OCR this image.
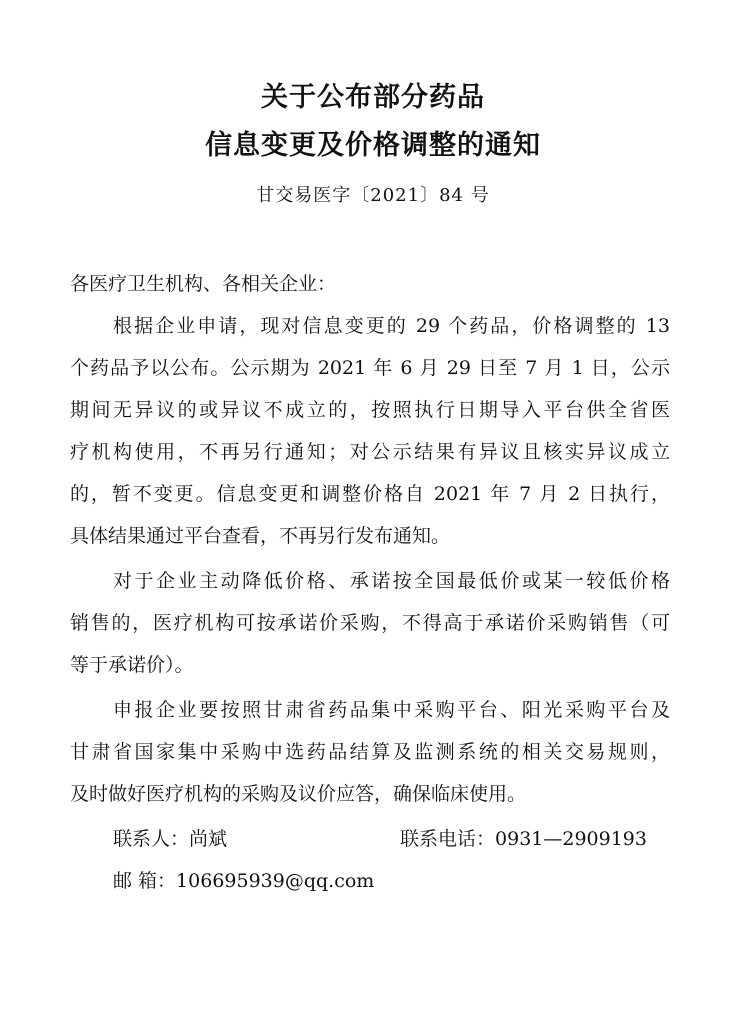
关于公布部分药品
信息变更及价格调整的通知
甘交易医字〔2021〕84 号
各医疗卫生机构、各相关企业：
根据企业申请，现对信息变更的 29 个药品，价格调整的 13
个药品予以公布。公示期为 2021 年 6 月 29 日至 7 月 1 日，公示
期间无异议的或异议不成立的，按照执行日期导入平台供全省医
疗机构使用，不再另行通知；对公示结果有异议且核实异议成立
的，暂不变更。信息变更和调整价格自 2021 年 7 月 2 日执行，
具体结果通过平台查看，不再另行发布通知。
对于企业主动降低价格、承诺按全国最低价或某一较低价格
销售的，医疗机构可按承诺价采购，不得高于承诺价采购销售（可
等于承诺价）。
申报企业要按照甘肃省药品集中采购平台、阳光采购平台及
甘肃省国家集中采购中选药品结算及监测系统的相关交易规则，
及时做好医疗机构的采购及议价应答，确保临床使用。
联系人：尚斌	联系电话：0931—2909193
邮 箱：106695939@qq.com
